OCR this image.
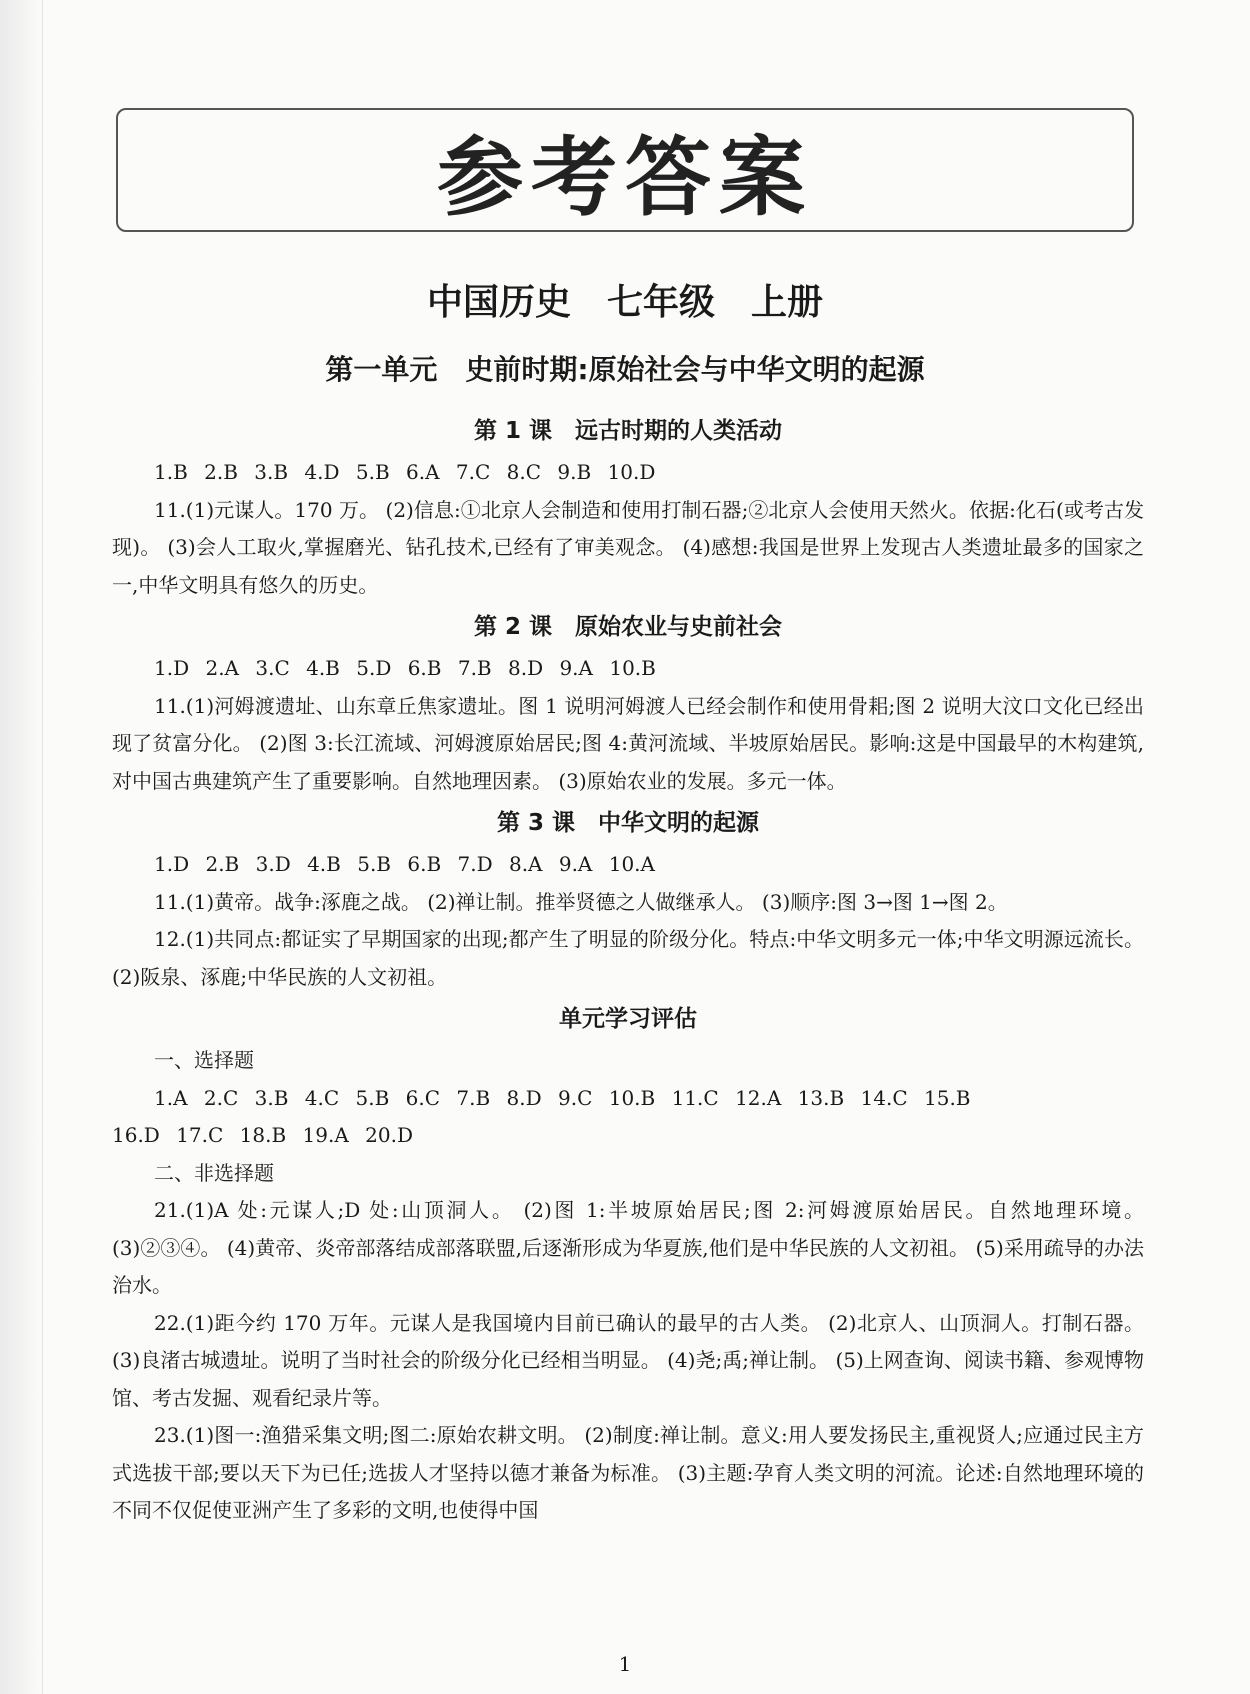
参考答案
中国历史　七年级　上册
第一单元　史前时期:原始社会与中华文明的起源
第 1 课　远古时期的人类活动
1.B 2.B 3.B 4.D 5.B 6.A 7.C 8.C 9.B 10.D
11.(1)元谋人。170 万。 (2)信息:①北京人会制造和使用打制石器;②北京人会使用天然火。依据:化石(或考古发现)。 (3)会人工取火,掌握磨光、钻孔技术,已经有了审美观念。 (4)感想:我国是世界上发现古人类遗址最多的国家之一,中华文明具有悠久的历史。
第 2 课　原始农业与史前社会
1.D 2.A 3.C 4.B 5.D 6.B 7.B 8.D 9.A 10.B
11.(1)河姆渡遗址、山东章丘焦家遗址。图 1 说明河姆渡人已经会制作和使用骨耜;图 2 说明大汶口文化已经出现了贫富分化。 (2)图 3:长江流域、河姆渡原始居民;图 4:黄河流域、半坡原始居民。影响:这是中国最早的木构建筑,对中国古典建筑产生了重要影响。自然地理因素。 (3)原始农业的发展。多元一体。
第 3 课　中华文明的起源
1.D 2.B 3.D 4.B 5.B 6.B 7.D 8.A 9.A 10.A
11.(1)黄帝。战争:涿鹿之战。 (2)禅让制。推举贤德之人做继承人。 (3)顺序:图 3→图 1→图 2。
12.(1)共同点:都证实了早期国家的出现;都产生了明显的阶级分化。特点:中华文明多元一体;中华文明源远流长。 (2)阪泉、涿鹿;中华民族的人文初祖。
单元学习评估
一、选择题
1.A 2.C 3.B 4.C 5.B 6.C 7.B 8.D 9.C 10.B 11.C 12.A 13.B 14.C 15.B
16.D 17.C 18.B 19.A 20.D
二、非选择题
21.(1)A 处:元谋人;D 处:山顶洞人。 (2)图 1:半坡原始居民;图 2:河姆渡原始居民。自然地理环境。 (3)②③④。 (4)黄帝、炎帝部落结成部落联盟,后逐渐形成为华夏族,他们是中华民族的人文初祖。 (5)采用疏导的办法治水。
22.(1)距今约 170 万年。元谋人是我国境内目前已确认的最早的古人类。 (2)北京人、山顶洞人。打制石器。 (3)良渚古城遗址。说明了当时社会的阶级分化已经相当明显。 (4)尧;禹;禅让制。 (5)上网查询、阅读书籍、参观博物馆、考古发掘、观看纪录片等。
23.(1)图一:渔猎采集文明;图二:原始农耕文明。 (2)制度:禅让制。意义:用人要发扬民主,重视贤人;应通过民主方式选拔干部;要以天下为已任;选拔人才坚持以德才兼备为标准。 (3)主题:孕育人类文明的河流。论述:自然地理环境的不同不仅促使亚洲产生了多彩的文明,也使得中国
1
